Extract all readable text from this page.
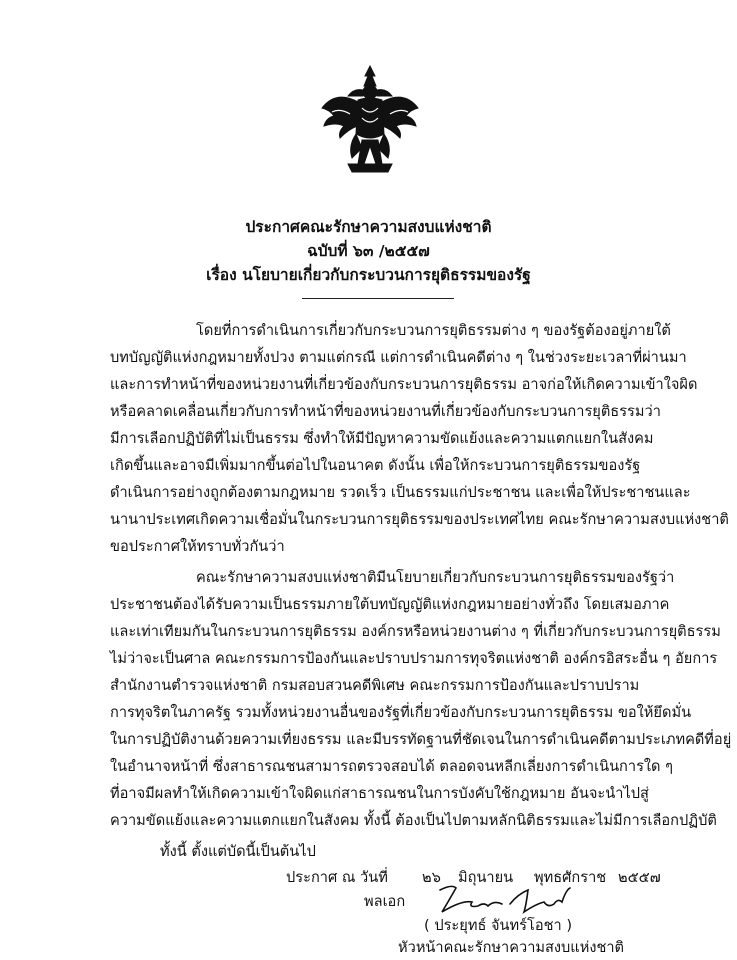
ประกาศคณะรักษาความสงบแห่งชาติ
ฉบับที่ ๖๓ /๒๕๕๗
เรื่อง นโยบายเกี่ยวกับกระบวนการยุติธรรมของรัฐ
โดยที่การดำเนินการเกี่ยวกับกระบวนการยุติธรรมต่าง ๆ ของรัฐต้องอยู่ภายใต้
บทบัญญัติแห่งกฎหมายทั้งปวง ตามแต่กรณี แต่การดำเนินคดีต่าง ๆ ในช่วงระยะเวลาที่ผ่านมา
และการทำหน้าที่ของหน่วยงานที่เกี่ยวข้องกับกระบวนการยุติธรรม อาจก่อให้เกิดความเข้าใจผิด
หรือคลาดเคลื่อนเกี่ยวกับการทำหน้าที่ของหน่วยงานที่เกี่ยวข้องกับกระบวนการยุติธรรมว่า
มีการเลือกปฏิบัติที่ไม่เป็นธรรม ซึ่งทำให้มีปัญหาความขัดแย้งและความแตกแยกในสังคม
เกิดขึ้นและอาจมีเพิ่มมากขึ้นต่อไปในอนาคต ดังนั้น เพื่อให้กระบวนการยุติธรรมของรัฐ
ดำเนินการอย่างถูกต้องตามกฎหมาย รวดเร็ว เป็นธรรมแก่ประชาชน และเพื่อให้ประชาชนและ
นานาประเทศเกิดความเชื่อมั่นในกระบวนการยุติธรรมของประเทศไทย คณะรักษาความสงบแห่งชาติ
ขอประกาศให้ทราบทั่วกันว่า
คณะรักษาความสงบแห่งชาติมีนโยบายเกี่ยวกับกระบวนการยุติธรรมของรัฐว่า
ประชาชนต้องได้รับความเป็นธรรมภายใต้บทบัญญัติแห่งกฎหมายอย่างทั่วถึง โดยเสมอภาค
และเท่าเทียมกันในกระบวนการยุติธรรม องค์กรหรือหน่วยงานต่าง ๆ ที่เกี่ยวกับกระบวนการยุติธรรม
ไม่ว่าจะเป็นศาล คณะกรรมการป้องกันและปราบปรามการทุจริตแห่งชาติ องค์กรอิสระอื่น ๆ อัยการ
สำนักงานตำรวจแห่งชาติ กรมสอบสวนคดีพิเศษ คณะกรรมการป้องกันและปราบปราม
การทุจริตในภาครัฐ รวมทั้งหน่วยงานอื่นของรัฐที่เกี่ยวข้องกับกระบวนการยุติธรรม ขอให้ยึดมั่น
ในการปฏิบัติงานด้วยความเที่ยงธรรม และมีบรรทัดฐานที่ชัดเจนในการดำเนินคดีตามประเภทคดีที่อยู่
ในอำนาจหน้าที่ ซึ่งสาธารณชนสามารถตรวจสอบได้ ตลอดจนหลีกเลี่ยงการดำเนินการใด ๆ
ที่อาจมีผลทำให้เกิดความเข้าใจผิดแก่สาธารณชนในการบังคับใช้กฎหมาย อันจะนำไปสู่
ความขัดแย้งและความแตกแยกในสังคม ทั้งนี้ ต้องเป็นไปตามหลักนิติธรรมและไม่มีการเลือกปฏิบัติ
ทั้งนี้ ตั้งแต่บัดนี้เป็นต้นไป
ประกาศ ณ วันที่ ๒๖ มิถุนายน พุทธศักราช ๒๕๕๗
พลเอก
( ประยุทธ์ จันทร์โอชา )
หัวหน้าคณะรักษาความสงบแห่งชาติ
